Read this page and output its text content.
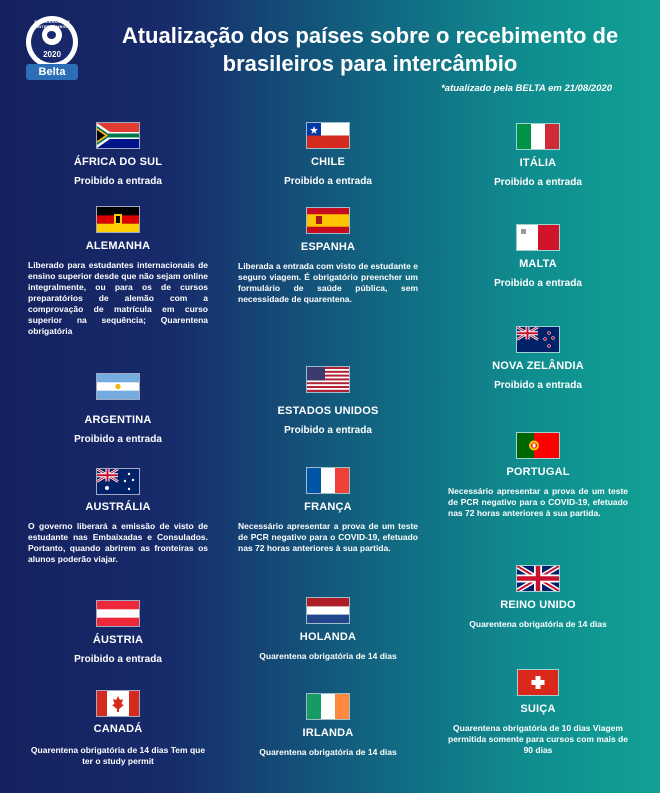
EXCELÊNCIA EM INTERCÂMBIO
2020
Belta
Atualização dos países sobre o recebimento de brasileiros para intercâmbio
*atualizado pela BELTA em 21/08/2020
ÁFRICA DO SUL
Proibido a entrada
CHILE
Proibido a entrada
ITÁLIA
Proibido a entrada
ALEMANHA
Liberado para estudantes internacionais de ensino superior desde que não sejam online integralmente, ou para os de cursos preparatórios de alemão com a comprovação de matrícula em curso superior na sequência; Quarentena obrigatória
ESPANHA
Liberada a entrada com visto de estudante e seguro viagem. É obrigatório preencher um formulário de saúde pública, sem necessidade de quarentena.
MALTA
Proibido a entrada
NOVA ZELÂNDIA
Proibido a entrada
ARGENTINA
Proibido a entrada
ESTADOS UNIDOS
Proibido a entrada
PORTUGAL
Necessário apresentar a prova de um teste de PCR negativo para o COVID-19, efetuado nas 72 horas anteriores à sua partida.
AUSTRÁLIA
O governo liberará a emissão de visto de estudante nas Embaixadas e Consulados. Portanto, quando abrirem as fronteiras os alunos poderão viajar.
FRANÇA
Necessário apresentar a prova de um teste de PCR negativo para o COVID-19, efetuado nas 72 horas anteriores à sua partida.
REINO UNIDO
Quarentena obrigatória de 14 dias
ÁUSTRIA
Proibido a entrada
HOLANDA
Quarentena obrigatória de 14 dias
SUIÇA
Quarentena obrigatória de 10 dias Viagem permitida somente para cursos com mais de 90 dias
CANADÁ
Quarentena obrigatória de 14 dias Tem que ter o study permit
IRLANDA
Quarentena obrigatória de 14 dias
